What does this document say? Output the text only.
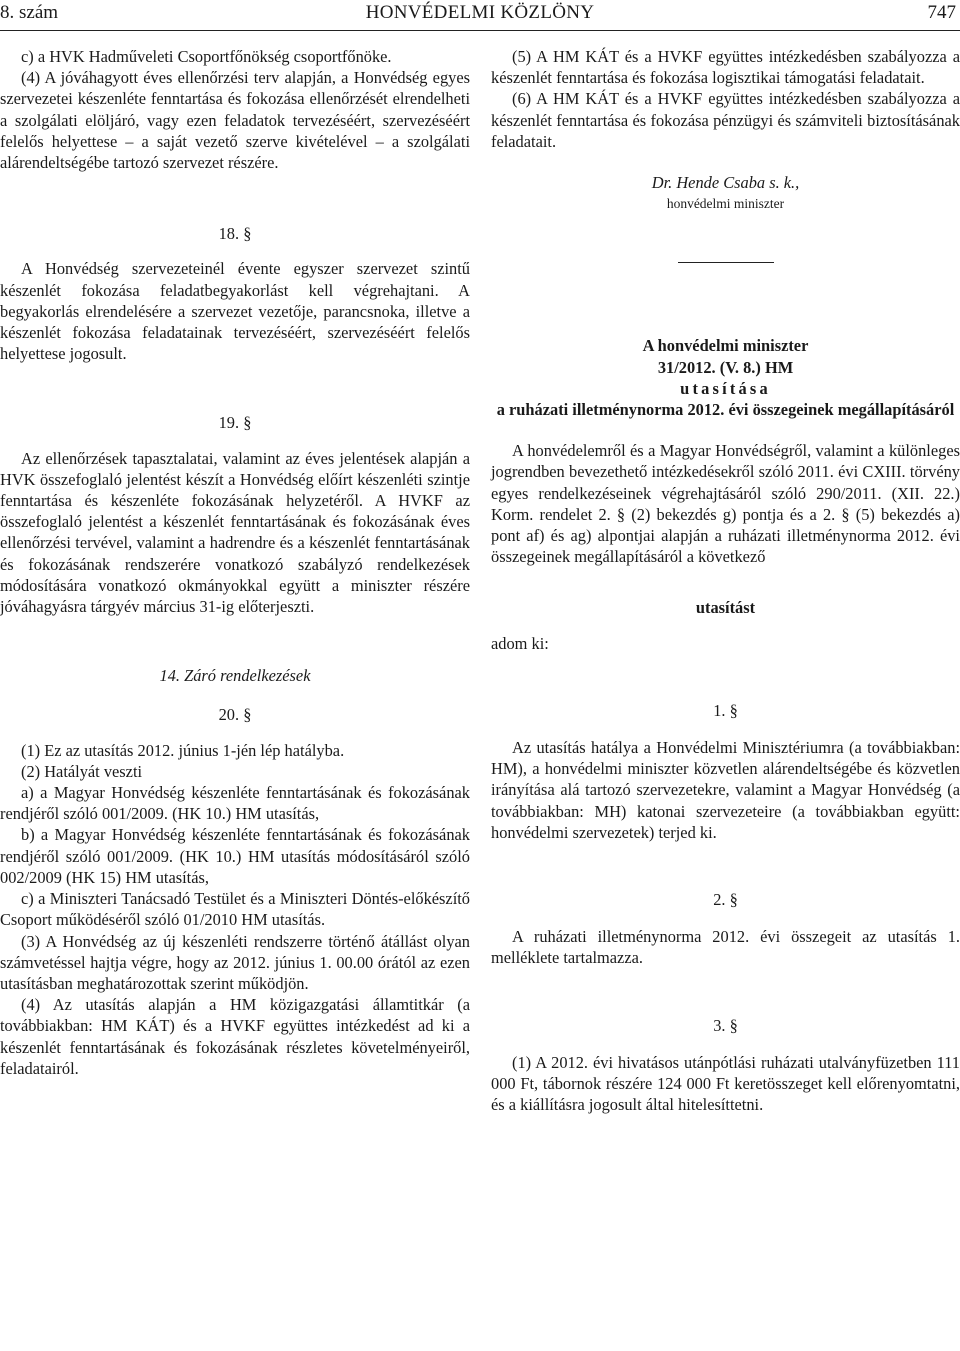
8. szám	HONVÉDELMI KÖZLÖNY	747

c) a HVK Hadműveleti Csoportfőnökség csoportfőnöke.

(4) A jóváhagyott éves ellenőrzési terv alapján, a Honvédség egyes szervezetei készenléte fenntartása és fokozása ellenőrzését elrendelheti a szolgálati elöljáró, vagy ezen feladatok tervezéséért, szervezéséért felelős helyettese – a saját vezető szerve kivételével – a szolgálati alárendeltségébe tartozó szervezet részére.

18. §

A Honvédség szervezeteinél évente egyszer szervezet szintű készenlét fokozása feladatbegyakorlást kell végrehajtani. A begyakorlás elrendelésére a szervezet vezetője, parancsnoka, illetve a készenlét fokozása feladatainak tervezéséért, szervezéséért felelős helyettese jogosult.

19. §

Az ellenőrzések tapasztalatai, valamint az éves jelentések alapján a HVK összefoglaló jelentést készít a Honvédség előírt készenléti szintje fenntartása és készenléte fokozásának helyzetéről. A HVKF az összefoglaló jelentést a készenlét fenntartásának és fokozásának éves ellenőrzési tervével, valamint a hadrendre és a készenlét fenntartásának és fokozásának rendszerére vonatkozó szabályzó rendelkezések módosítására vonatkozó okmányokkal együtt a miniszter részére jóváhagyásra tárgyév március 31-ig előterjeszti.

14. Záró rendelkezések

20. §

(1) Ez az utasítás 2012. június 1-jén lép hatályba.

(2) Hatályát veszti

a) a Magyar Honvédség készenléte fenntartásának és fokozásának rendjéről szóló 001/2009. (HK 10.) HM utasítás,

b) a Magyar Honvédség készenléte fenntartásának és fokozásának rendjéről szóló 001/2009. (HK 10.) HM utasítás módosításáról szóló 002/2009 (HK 15) HM utasítás,

c) a Miniszteri Tanácsadó Testület és a Miniszteri Döntés-előkészítő Csoport működéséről szóló 01/2010 HM utasítás.

(3) A Honvédség az új készenléti rendszerre történő átállást olyan számvetéssel hajtja végre, hogy az 2012. június 1. 00.00 órától az ezen utasításban meghatározottak szerint működjön.

(4) Az utasítás alapján a HM közigazgatási államtitkár (a továbbiakban: HM KÁT) és a HVKF együttes intézkedést ad ki a készenlét fenntartásának és fokozásának részletes követelményeiről, feladatairól.

(5) A HM KÁT és a HVKF együttes intézkedésben szabályozza a készenlét fenntartása és fokozása logisztikai támogatási feladatait.

(6) A HM KÁT és a HVKF együttes intézkedésben szabályozza a készenlét fenntartása és fokozása pénzügyi és számviteli biztosításának feladatait.

Dr. Hende Csaba s. k.,

honvédelmi miniszter

A honvédelmi miniszter

31/2012. (V. 8.) HM

utasítása

a ruházati illetménynorma 2012. évi összegeinek megállapításáról

A honvédelemről és a Magyar Honvédségről, valamint a különleges jogrendben bevezethető intézkedésekről szóló 2011. évi CXIII. törvény egyes rendelkezéseinek végrehajtásáról szóló 290/2011. (XII. 22.) Korm. rendelet 2. § (2) bekezdés g) pontja és a 2. § (5) bekezdés a) pont af) és ag) alpontjai alapján a ruházati illetménynorma 2012. évi összegeinek megállapításáról a következő

utasítást

adom ki:

1. §

Az utasítás hatálya a Honvédelmi Minisztériumra (a továbbiakban: HM), a honvédelmi miniszter közvetlen alárendeltségébe és közvetlen irányítása alá tartozó szervezetekre, valamint a Magyar Honvédség (a továbbiakban: MH) katonai szervezeteire (a továbbiakban együtt: honvédelmi szervezetek) terjed ki.

2. §

A ruházati illetménynorma 2012. évi összegeit az utasítás 1. melléklete tartalmazza.

3. §

(1) A 2012. évi hivatásos utánpótlási ruházati utalványfüzetben 111 000 Ft, tábornok részére 124 000 Ft keretösszeget kell előrenyomtatni, és a kiállításra jogosult által hitelesíttetni.
